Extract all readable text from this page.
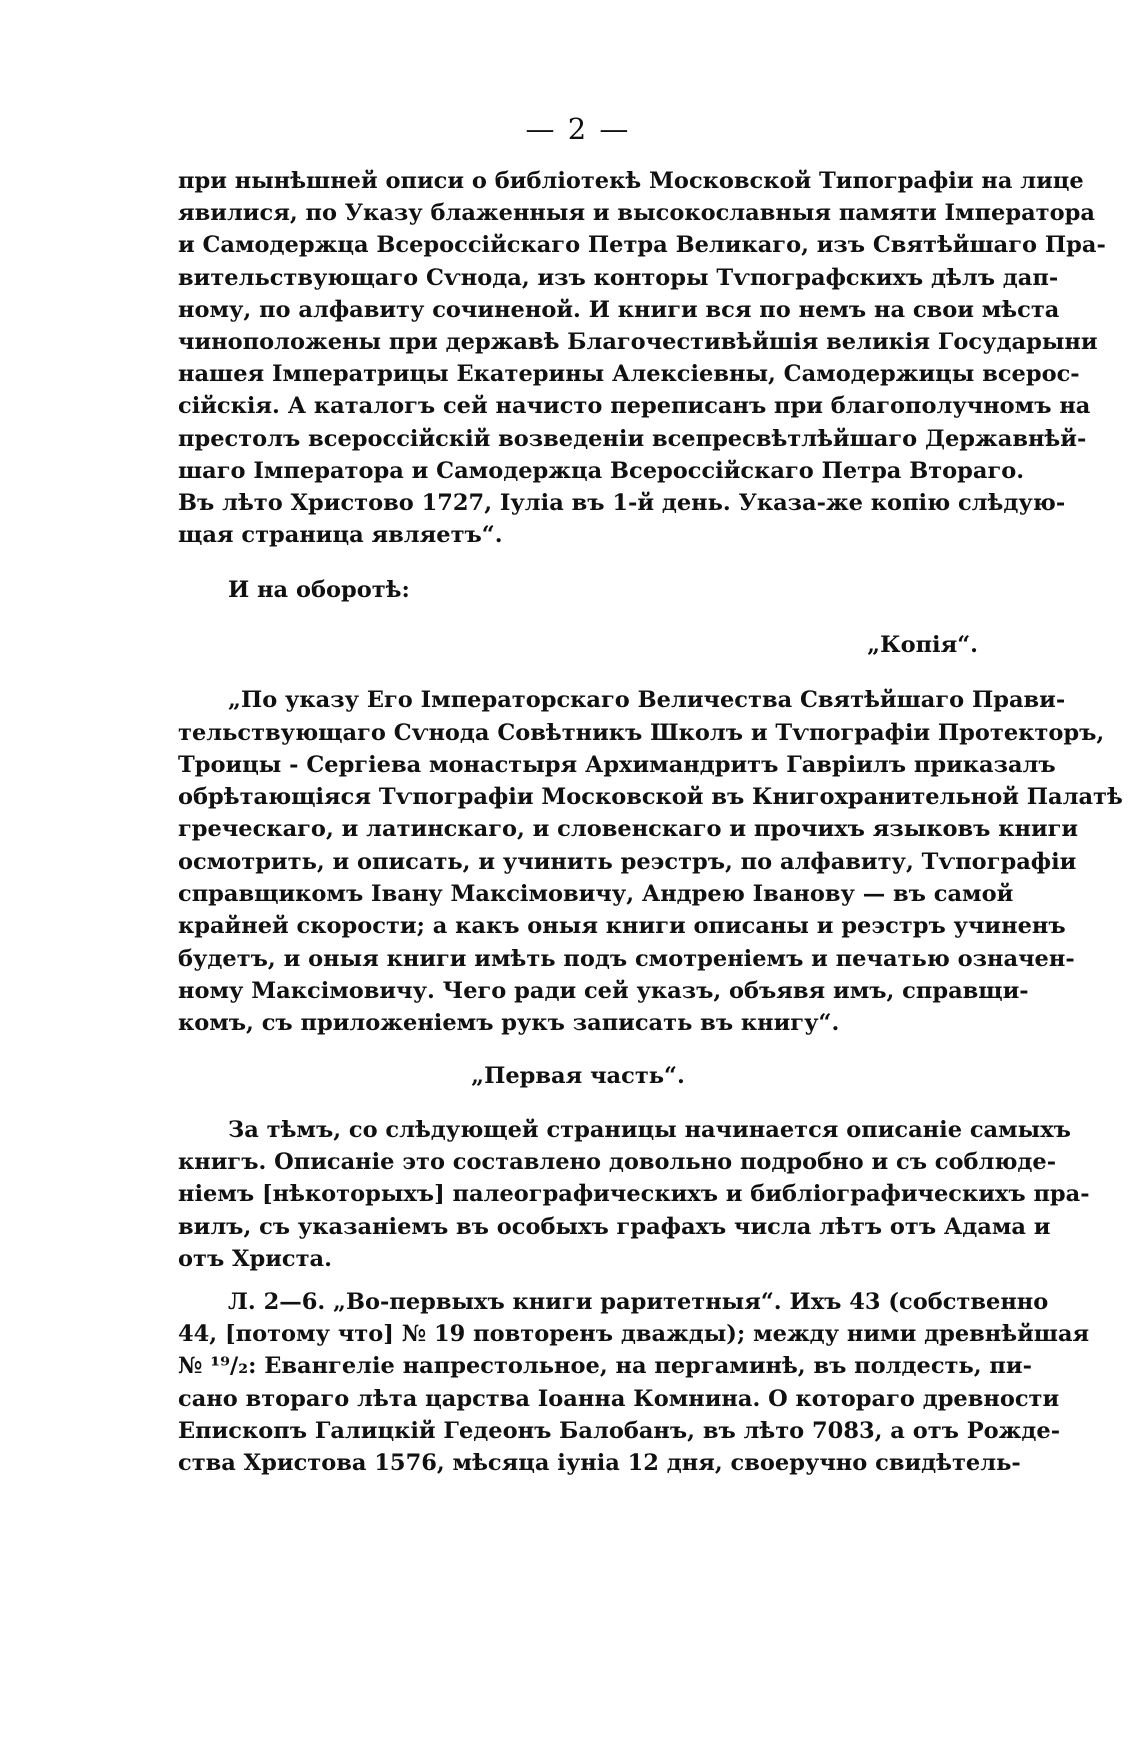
— 2 —
при нынѣшней описи о библіотекѣ Московской Типографіи на лице
явилися, по Указу блаженныя и высокославныя памяти Імператора
и Самодержца Всероссійскаго Петра Великаго, изъ Святѣйшаго Пра-
вительствующаго Сѵнода, изъ конторы Тѵпографскихъ дѣлъ дап-
ному, по алфавиту сочиненой. И книги вся по немъ на свои мѣста
чиноположены при державѣ Благочестивѣйшія великія Государыни
нашея Імператрицы Екатерины Алексіевны, Самодержицы всерос-
сійскія. А каталогъ сей начисто переписанъ при благополучномъ на
престолъ всероссійскій возведеніи всепресвѣтлѣйшаго Державнѣй-
шаго Імператора и Самодержца Всероссійскаго Петра Втораго.
Въ лѣто Христово 1727, Іуліа въ 1-й день. Указа-же копію слѣдую-
щая страница являетъ“.
И на оборотѣ:
„Копія“.
„По указу Его Імператорскаго Величества Святѣйшаго Прави-
тельствующаго Сѵнода Совѣтникъ Школъ и Тѵпографіи Протекторъ,
Троицы - Сергіева монастыря Архимандритъ Гавріилъ приказалъ
обрѣтающіяся Тѵпографіи Московской въ Книгохранительной Палатѣ
греческаго, и латинскаго, и словенскаго и прочихъ языковъ книги
осмотрить, и описать, и учинить реэстръ, по алфавиту, Тѵпографіи
справщикомъ Івану Максімовичу, Андрею Іванову — въ самой
крайней скорости; а какъ оныя книги описаны и реэстръ учиненъ
будетъ, и оныя книги имѣть подъ смотреніемъ и печатью означен-
ному Максімовичу. Чего ради сей указъ, объявя имъ, справщи-
комъ, съ приложеніемъ рукъ записать въ книгу“.
„Первая часть“.
За тѣмъ, со слѣдующей страницы начинается описаніе самыхъ
книгъ. Описаніе это составлено довольно подробно и съ соблюде-
ніемъ [нѣкоторыхъ] палеографическихъ и библіографическихъ пра-
вилъ, съ указаніемъ въ особыхъ графахъ числа лѣтъ отъ Адама и
отъ Христа.
Л. 2—6. „Во-первыхъ книги раритетныя“. Ихъ 43 (собственно
44, [потому что] № 19 повторенъ дважды); между ними древнѣйшая
№ ¹⁹/₂: Евангеліе напрестольное, на пергаминѣ, въ полдесть, пи-
сано втораго лѣта царства Іоанна Комнина. О котораго древности
Епископъ Галицкій Гедеонъ Балобанъ, въ лѣто 7083, а отъ Рожде-
ства Христова 1576, мѣсяца іуніа 12 дня, своеручно свидѣтель-
